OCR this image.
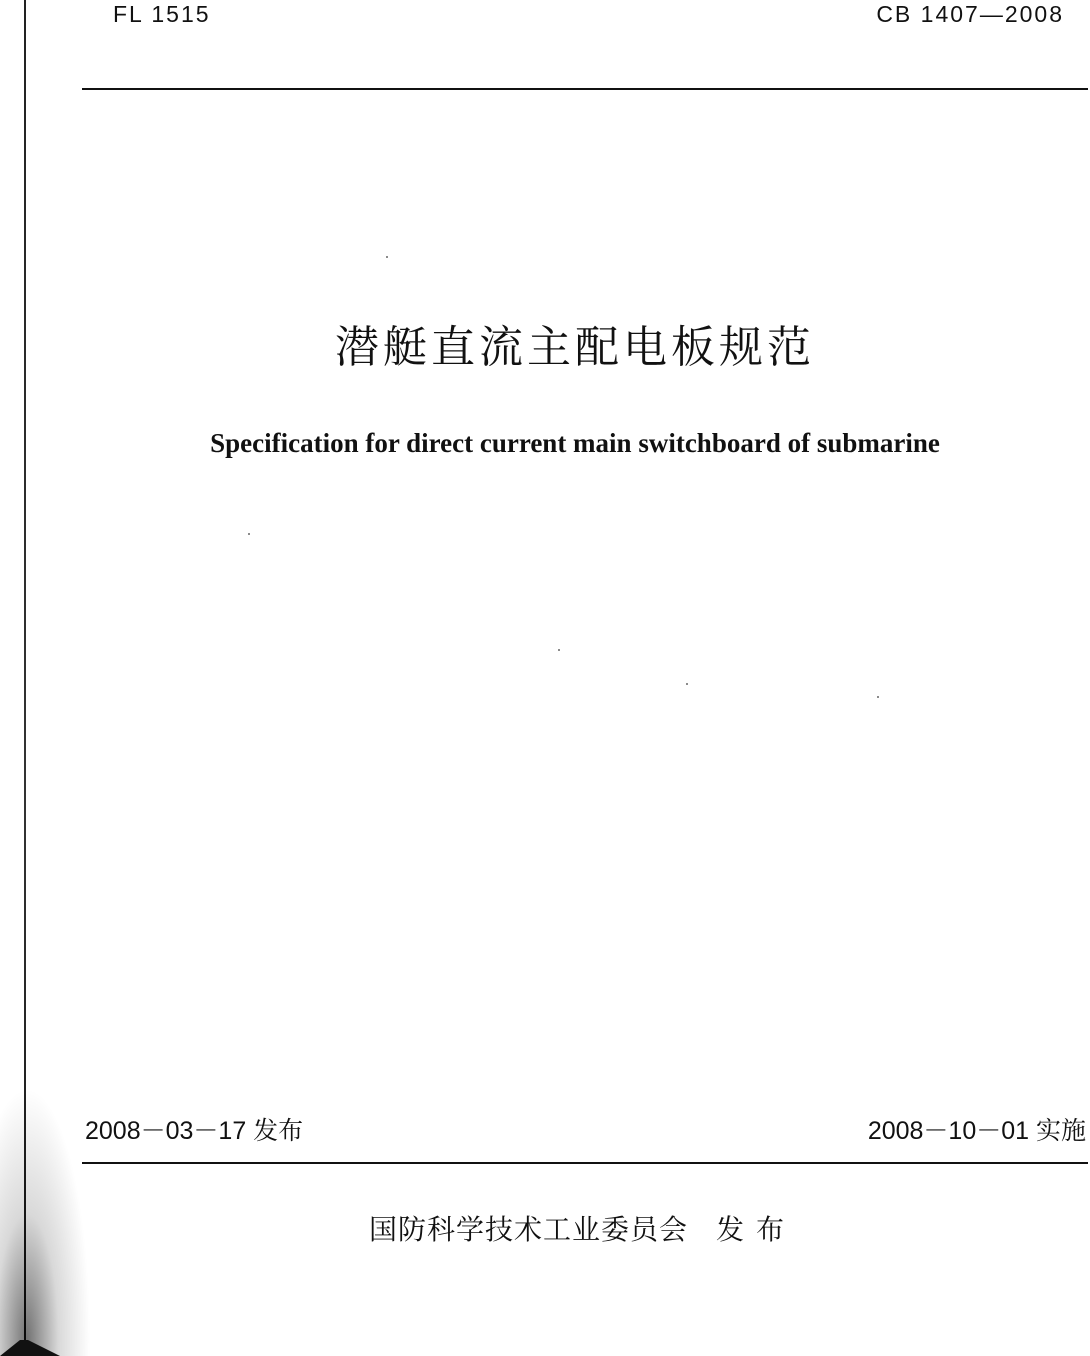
FL 1515	CB 1407—2008
潜艇直流主配电板规范
Specification for direct current main switchboard of submarine
2008－03－17 发布	2008－10－01 实施
国防科学技术工业委员会 发布
